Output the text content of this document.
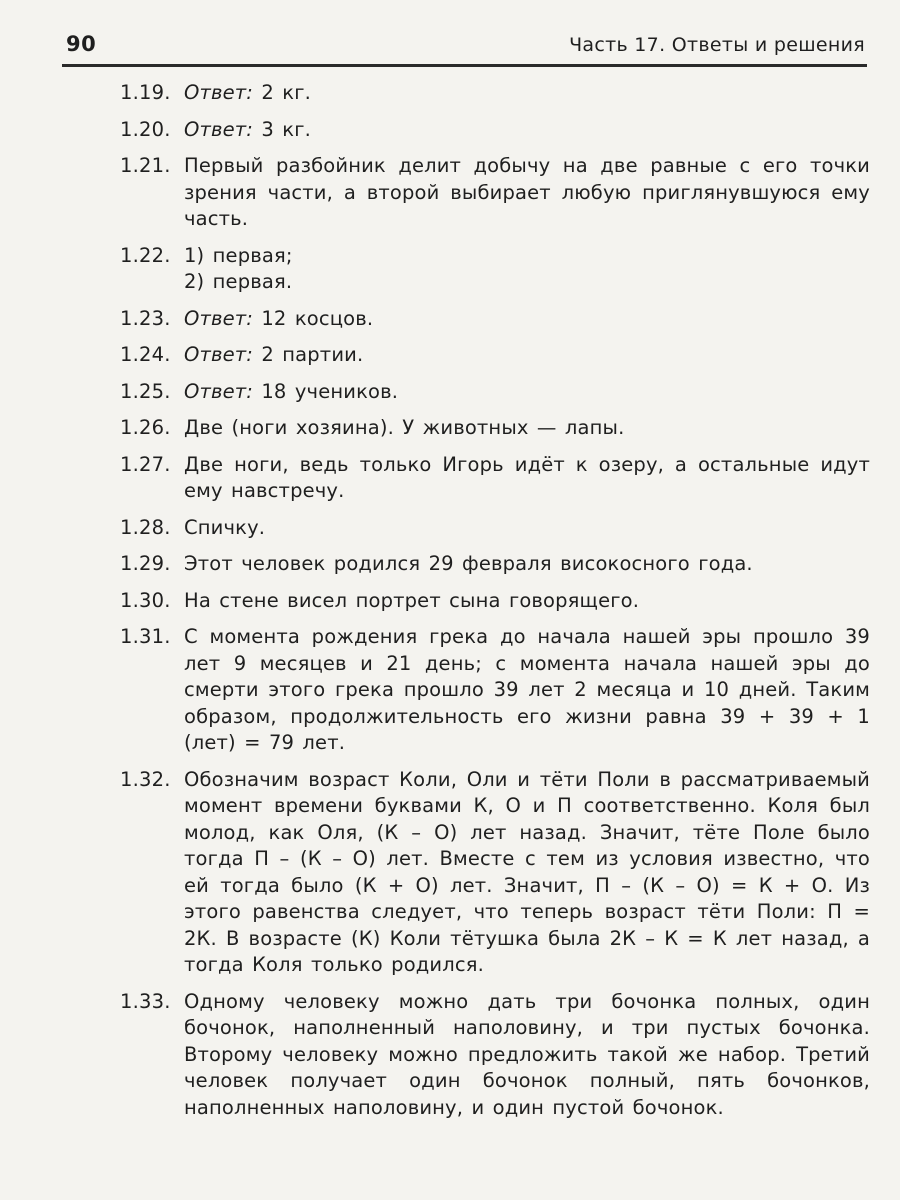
90	Часть 17. Ответы и решения
1.19. Ответ: 2 кг.
1.20. Ответ: 3 кг.
1.21. Первый разбойник делит добычу на две равные с его точки зрения части, а второй выбирает любую приглянувшуюся ему часть.
1.22. 1) первая;
2) первая.
1.23. Ответ: 12 косцов.
1.24. Ответ: 2 партии.
1.25. Ответ: 18 учеников.
1.26. Две (ноги хозяина). У животных — лапы.
1.27. Две ноги, ведь только Игорь идёт к озеру, а остальные идут ему навстречу.
1.28. Спичку.
1.29. Этот человек родился 29 февраля високосного года.
1.30. На стене висел портрет сына говорящего.
1.31. С момента рождения грека до начала нашей эры прошло 39 лет 9 месяцев и 21 день; с момента начала нашей эры до смерти этого грека прошло 39 лет 2 месяца и 10 дней. Таким образом, продолжительность его жизни равна 39 + 39 + 1 (лет) = 79 лет.
1.32. Обозначим возраст Коли, Оли и тёти Поли в рассматриваемый момент времени буквами К, О и П соответственно. Коля был молод, как Оля, (К – О) лет назад. Значит, тёте Поле было тогда П – (К – О) лет. Вместе с тем из условия известно, что ей тогда было (К + О) лет. Значит, П – (К – О) = К + О. Из этого равенства следует, что теперь возраст тёти Поли: П = 2К. В возрасте (К) Коли тётушка была 2К – К = К лет назад, а тогда Коля только родился.
1.33. Одному человеку можно дать три бочонка полных, один бочонок, наполненный наполовину, и три пустых бочонка. Второму человеку можно предложить такой же набор. Третий человек получает один бочонок полный, пять бочонков, наполненных наполовину, и один пустой бочонок.
